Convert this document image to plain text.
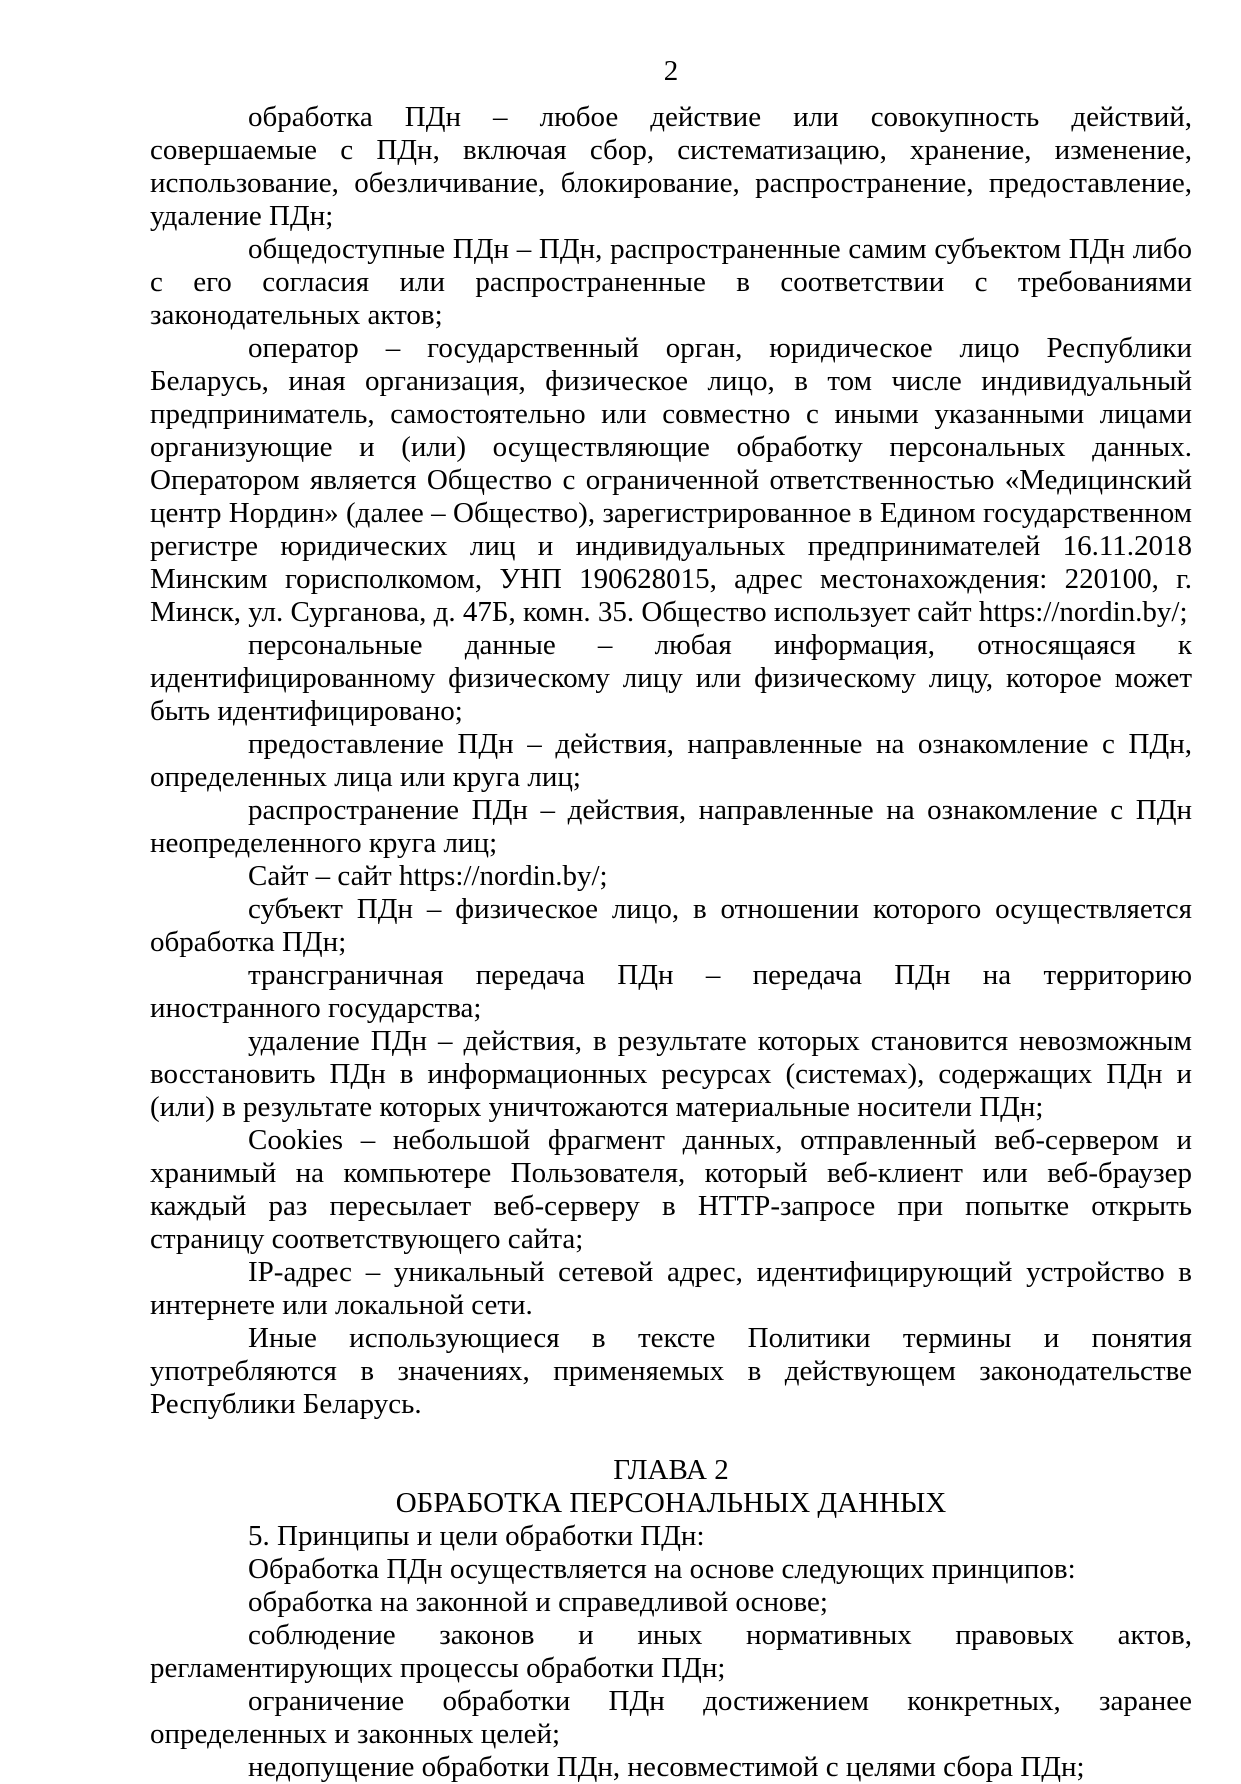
2

обработка ПДн – любое действие или совокупность действий, совершаемые с ПДн, включая сбор, систематизацию, хранение, изменение, использование, обезличивание, блокирование, распространение, предоставление, удаление ПДн;

общедоступные ПДн – ПДн, распространенные самим субъектом ПДн либо с его согласия или распространенные в соответствии с требованиями законодательных актов;

оператор – государственный орган, юридическое лицо Республики Беларусь, иная организация, физическое лицо, в том числе индивидуальный предприниматель, самостоятельно или совместно с иными указанными лицами организующие и (или) осуществляющие обработку персональных данных. Оператором является Общество с ограниченной ответственностью «Медицинский центр Нордин» (далее – Общество), зарегистрированное в Едином государственном регистре юридических лиц и индивидуальных предпринимателей 16.11.2018 Минским горисполкомом, УНП 190628015, адрес местонахождения: 220100, г. Минск, ул. Сурганова, д. 47Б, комн. 35. Общество использует сайт https://nordin.by/;

персональные данные – любая информация, относящаяся к идентифицированному физическому лицу или физическому лицу, которое может быть идентифицировано;

предоставление ПДн – действия, направленные на ознакомление с ПДн, определенных лица или круга лиц;

распространение ПДн – действия, направленные на ознакомление с ПДн неопределенного круга лиц;

Сайт – сайт https://nordin.by/;

субъект ПДн – физическое лицо, в отношении которого осуществляется обработка ПДн;

трансграничная передача ПДн – передача ПДн на территорию иностранного государства;

удаление ПДн – действия, в результате которых становится невозможным восстановить ПДн в информационных ресурсах (системах), содержащих ПДн и (или) в результате которых уничтожаются материальные носители ПДн;

Cookies – небольшой фрагмент данных, отправленный веб-сервером и хранимый на компьютере Пользователя, который веб-клиент или веб-браузер каждый раз пересылает веб-серверу в HTTP-запросе при попытке открыть страницу соответствующего сайта;

IP-адрес – уникальный сетевой адрес, идентифицирующий устройство в интернете или локальной сети.

Иные использующиеся в тексте Политики термины и понятия употребляются в значениях, применяемых в действующем законодательстве Республики Беларусь.

ГЛАВА 2

ОБРАБОТКА ПЕРСОНАЛЬНЫХ ДАННЫХ

5. Принципы и цели обработки ПДн:

Обработка ПДн осуществляется на основе следующих принципов:

обработка на законной и справедливой основе;

соблюдение законов и иных нормативных правовых актов, регламентирующих процессы обработки ПДн;

ограничение обработки ПДн достижением конкретных, заранее определенных и законных целей;

недопущение обработки ПДн, несовместимой с целями сбора ПДн;
